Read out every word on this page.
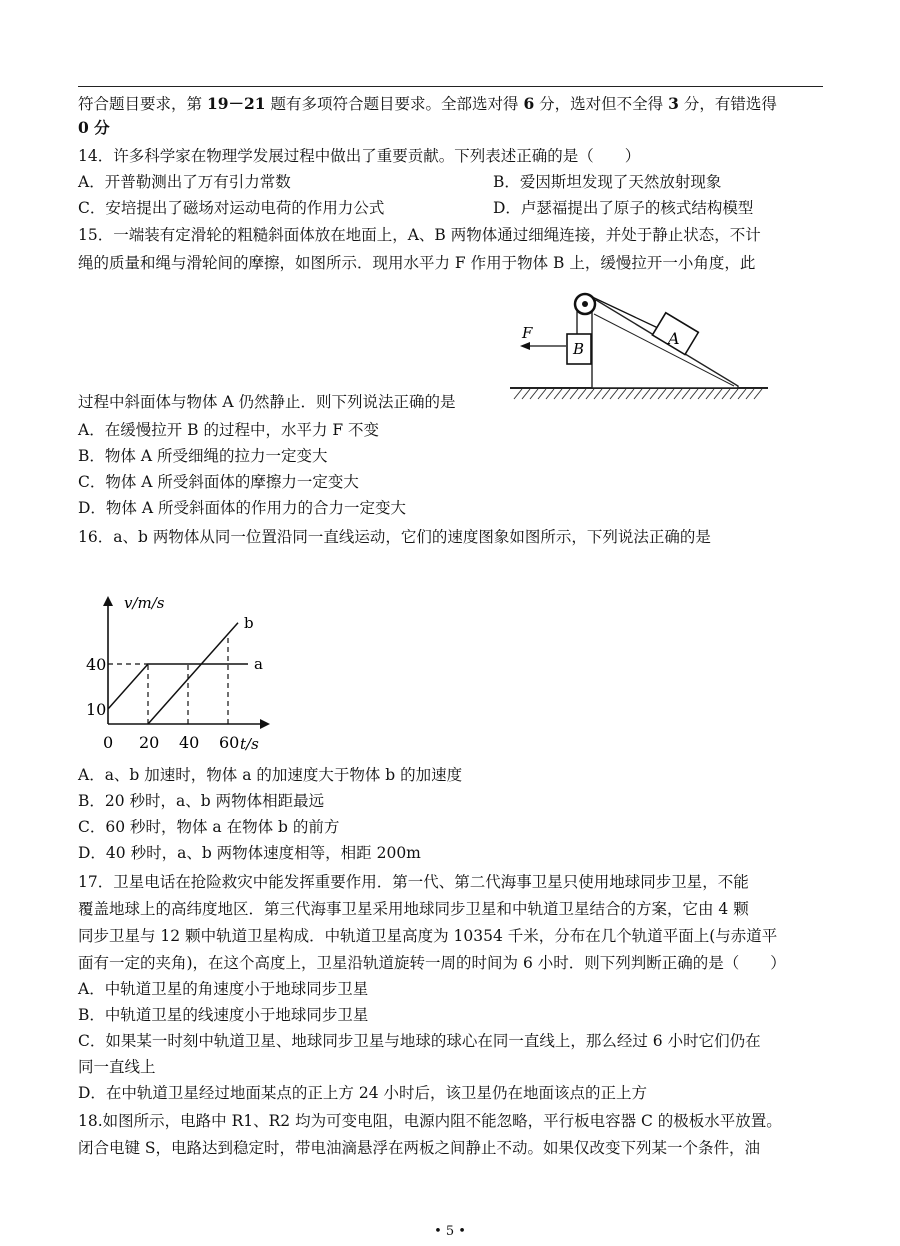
符合题目要求，第 19－21 题有多项符合题目要求。全部选对得 6 分，选对但不全得 3 分，有错选得
0 分
14．许多科学家在物理学发展过程中做出了重要贡献。下列表述正确的是（　　）
A．开普勒测出了万有引力常数	B．爱因斯坦发现了天然放射现象
C．安培提出了磁场对运动电荷的作用力公式	D．卢瑟福提出了原子的核式结构模型
15．一端装有定滑轮的粗糙斜面体放在地面上，A、B 两物体通过细绳连接，并处于静止状态，不计
绳的质量和绳与滑轮间的摩擦，如图所示．现用水平力 F 作用于物体 B 上，缓慢拉开一小角度，此
A
B
F
过程中斜面体与物体 A 仍然静止．则下列说法正确的是
A．在缓慢拉开 B 的过程中，水平力 F 不变
B．物体 A 所受细绳的拉力一定变大
C．物体 A 所受斜面体的摩擦力一定变大
D．物体 A 所受斜面体的作用力的合力一定变大
16．a、b 两物体从同一位置沿同一直线运动，它们的速度图象如图所示，下列说法正确的是
a
b
v/m/s
t/s
0 20 40 60
10
40
A．a、b 加速时，物体 a 的加速度大于物体 b 的加速度
B．20 秒时，a、b 两物体相距最远
C．60 秒时，物体 a 在物体 b 的前方
D．40 秒时，a、b 两物体速度相等，相距 200m
17．卫星电话在抢险救灾中能发挥重要作用．第一代、第二代海事卫星只使用地球同步卫星，不能
覆盖地球上的高纬度地区．第三代海事卫星采用地球同步卫星和中轨道卫星结合的方案，它由 4 颗
同步卫星与 12 颗中轨道卫星构成．中轨道卫星高度为 10354 千米，分布在几个轨道平面上(与赤道平
面有一定的夹角)，在这个高度上，卫星沿轨道旋转一周的时间为 6 小时．则下列判断正确的是（　　）
A．中轨道卫星的角速度小于地球同步卫星
B．中轨道卫星的线速度小于地球同步卫星
C．如果某一时刻中轨道卫星、地球同步卫星与地球的球心在同一直线上，那么经过 6 小时它们仍在
同一直线上
D．在中轨道卫星经过地面某点的正上方 24 小时后，该卫星仍在地面该点的正上方
18.如图所示，电路中 R1、R2 均为可变电阻，电源内阻不能忽略，平行板电容器 C 的极板水平放置。
闭合电键 S，电路达到稳定时，带电油滴悬浮在两板之间静止不动。如果仅改变下列某一个条件，油
• 5 •
